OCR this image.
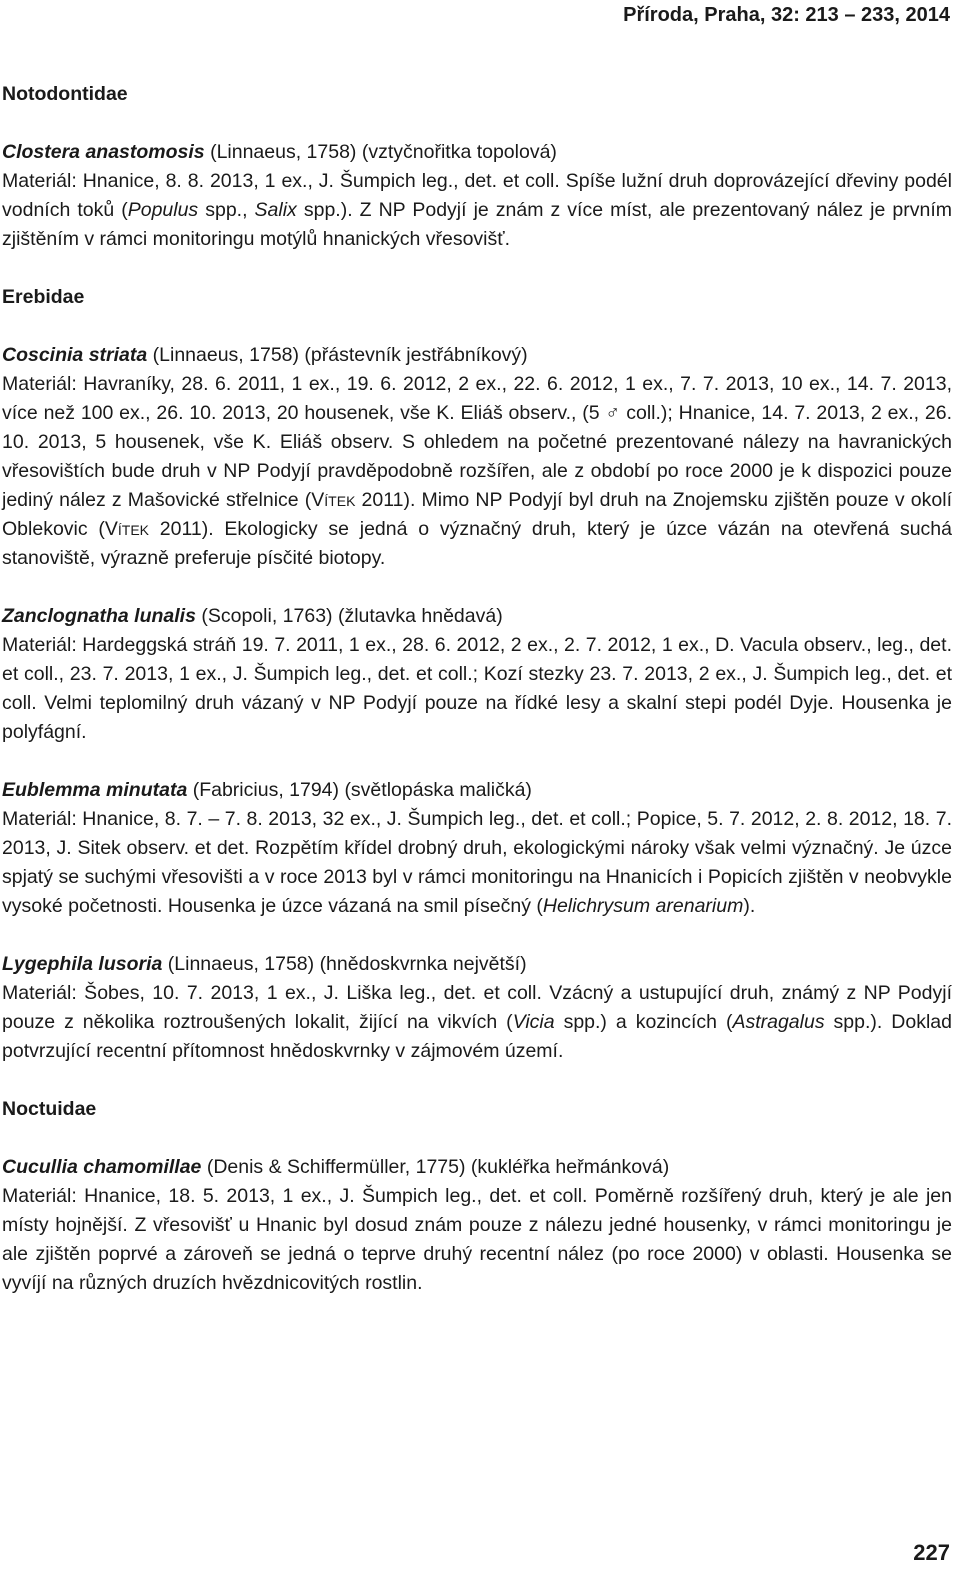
Příroda, Praha, 32: 213 – 233, 2014

Notodontidae

Clostera anastomosis (Linnaeus, 1758) (vztyčnořitka topolová)

Materiál: Hnanice, 8. 8. 2013, 1 ex., J. Šumpich leg., det. et coll. Spíše lužní druh doprovázející dřeviny podél vodních toků (Populus spp., Salix spp.). Z NP Podyjí je znám z více míst, ale prezentovaný nález je prvním zjištěním v rámci monitoringu motýlů hnanických vřesovišť.

Erebidae

Coscinia striata (Linnaeus, 1758) (přástevník jestřábníkový)

Materiál: Havraníky, 28. 6. 2011, 1 ex., 19. 6. 2012, 2 ex., 22. 6. 2012, 1 ex., 7. 7. 2013, 10 ex., 14. 7. 2013, více než 100 ex., 26. 10. 2013, 20 housenek, vše K. Eliáš observ., (5 ♂ coll.); Hnanice, 14. 7. 2013, 2 ex., 26. 10. 2013, 5 housenek, vše K. Eliáš observ. S ohledem na početné prezentované nálezy na havranických vřesovištích bude druh v NP Podyjí pravděpodobně rozšířen, ale z období po roce 2000 je k dispozici pouze jediný nález z Mašovické střelnice (Vítek 2011). Mimo NP Podyjí byl druh na Znojemsku zjištěn pouze v okolí Oblekovic (Vítek 2011). Ekologicky se jedná o význačný druh, který je úzce vázán na otevřená suchá stanoviště, výrazně preferuje písčité biotopy.

Zanclognatha lunalis (Scopoli, 1763) (žlutavka hnědavá)

Materiál: Hardeggská stráň 19. 7. 2011, 1 ex., 28. 6. 2012, 2 ex., 2. 7. 2012, 1 ex., D. Vacula observ., leg., det. et coll., 23. 7. 2013, 1 ex., J. Šumpich leg., det. et coll.; Kozí stezky 23. 7. 2013, 2 ex., J. Šumpich leg., det. et coll. Velmi teplomilný druh vázaný v NP Podyjí pouze na řídké lesy a skalní stepi podél Dyje. Housenka je polyfágní.

Eublemma minutata (Fabricius, 1794) (světlopáska maličká)

Materiál: Hnanice, 8. 7. – 7. 8. 2013, 32 ex., J. Šumpich leg., det. et coll.; Popice, 5. 7. 2012, 2. 8. 2012, 18. 7. 2013, J. Sitek observ. et det. Rozpětím křídel drobný druh, ekologickými nároky však velmi význačný. Je úzce spjatý se suchými vřesovišti a v roce 2013 byl v rámci monitoringu na Hnanicích i Popicích zjištěn v neobvykle vysoké početnosti. Housenka je úzce vázaná na smil písečný (Helichrysum arenarium).

Lygephila lusoria (Linnaeus, 1758) (hnědoskvrnka největší)

Materiál: Šobes, 10. 7. 2013, 1 ex., J. Liška leg., det. et coll. Vzácný a ustupující druh, známý z NP Podyjí pouze z několika roztroušených lokalit, žijící na vikvích (Vicia spp.) a kozincích (Astragalus spp.). Doklad potvrzující recentní přítomnost hnědoskvrnky v zájmovém území.

Noctuidae

Cucullia chamomillae (Denis & Schiffermüller, 1775) (kukléřka heřmánková)

Materiál: Hnanice, 18. 5. 2013, 1 ex., J. Šumpich leg., det. et coll. Poměrně rozšířený druh, který je ale jen místy hojnější. Z vřesovišť u Hnanic byl dosud znám pouze z nálezu jedné housenky, v rámci monitoringu je ale zjištěn poprvé a zároveň se jedná o teprve druhý recentní nález (po roce 2000) v oblasti. Housenka se vyvíjí na různých druzích hvězdnicovitých rostlin.

227
